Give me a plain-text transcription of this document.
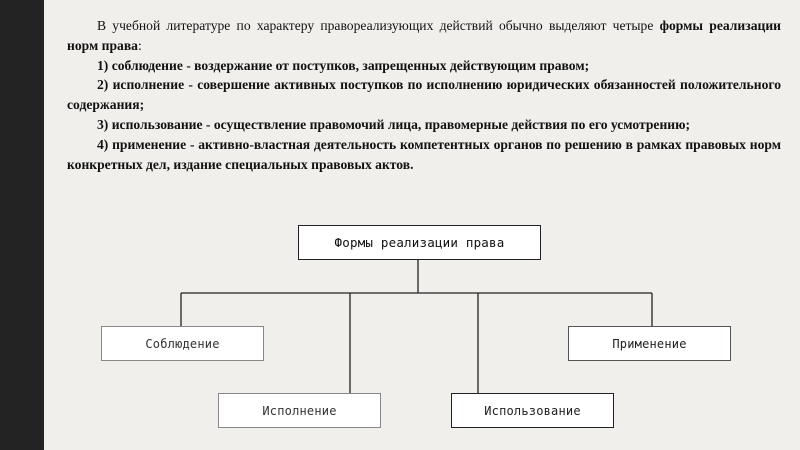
В учебной литературе по характеру правореализующих действий обычно выделяют четыре формы реализации норм права:

1) соблюдение - воздержание от поступков, запрещенных действующим правом;

2) исполнение - совершение активных поступков по исполнению юридических обязанностей положительного содержания;

3) использование - осуществление правомочий лица, правомерные действия по его усмотрению;

4) применение - активно-властная деятельность компетентных органов по решению в рамках правовых норм конкретных дел, издание специальных правовых актов.

Формы реализации права
Соблюдение	Применение
Исполнение	Использование
